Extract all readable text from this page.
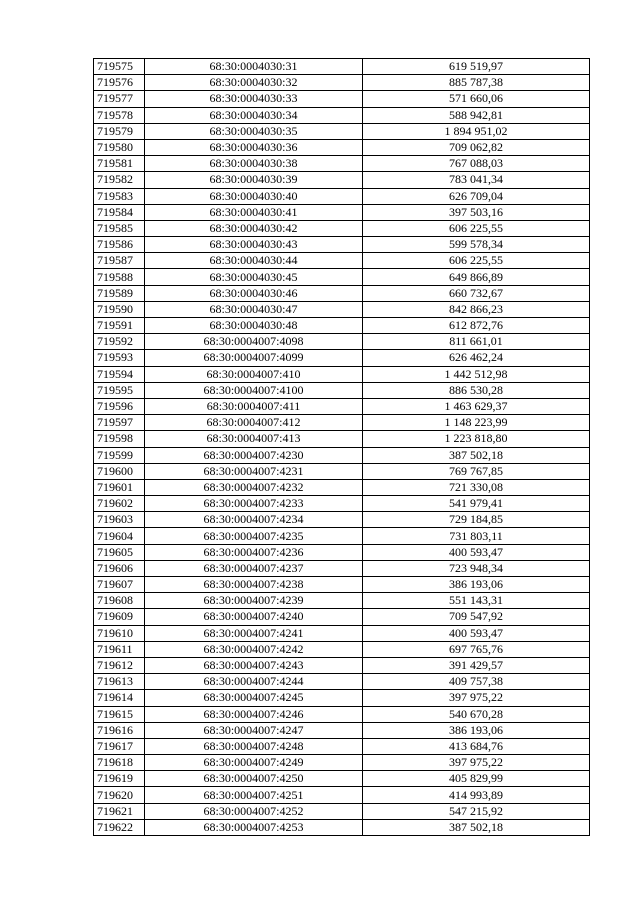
719575	68:30:0004030:31	619 519,97
719576	68:30:0004030:32	885 787,38
719577	68:30:0004030:33	571 660,06
719578	68:30:0004030:34	588 942,81
719579	68:30:0004030:35	1 894 951,02
719580	68:30:0004030:36	709 062,82
719581	68:30:0004030:38	767 088,03
719582	68:30:0004030:39	783 041,34
719583	68:30:0004030:40	626 709,04
719584	68:30:0004030:41	397 503,16
719585	68:30:0004030:42	606 225,55
719586	68:30:0004030:43	599 578,34
719587	68:30:0004030:44	606 225,55
719588	68:30:0004030:45	649 866,89
719589	68:30:0004030:46	660 732,67
719590	68:30:0004030:47	842 866,23
719591	68:30:0004030:48	612 872,76
719592	68:30:0004007:4098	811 661,01
719593	68:30:0004007:4099	626 462,24
719594	68:30:0004007:410	1 442 512,98
719595	68:30:0004007:4100	886 530,28
719596	68:30:0004007:411	1 463 629,37
719597	68:30:0004007:412	1 148 223,99
719598	68:30:0004007:413	1 223 818,80
719599	68:30:0004007:4230	387 502,18
719600	68:30:0004007:4231	769 767,85
719601	68:30:0004007:4232	721 330,08
719602	68:30:0004007:4233	541 979,41
719603	68:30:0004007:4234	729 184,85
719604	68:30:0004007:4235	731 803,11
719605	68:30:0004007:4236	400 593,47
719606	68:30:0004007:4237	723 948,34
719607	68:30:0004007:4238	386 193,06
719608	68:30:0004007:4239	551 143,31
719609	68:30:0004007:4240	709 547,92
719610	68:30:0004007:4241	400 593,47
719611	68:30:0004007:4242	697 765,76
719612	68:30:0004007:4243	391 429,57
719613	68:30:0004007:4244	409 757,38
719614	68:30:0004007:4245	397 975,22
719615	68:30:0004007:4246	540 670,28
719616	68:30:0004007:4247	386 193,06
719617	68:30:0004007:4248	413 684,76
719618	68:30:0004007:4249	397 975,22
719619	68:30:0004007:4250	405 829,99
719620	68:30:0004007:4251	414 993,89
719621	68:30:0004007:4252	547 215,92
719622	68:30:0004007:4253	387 502,18
